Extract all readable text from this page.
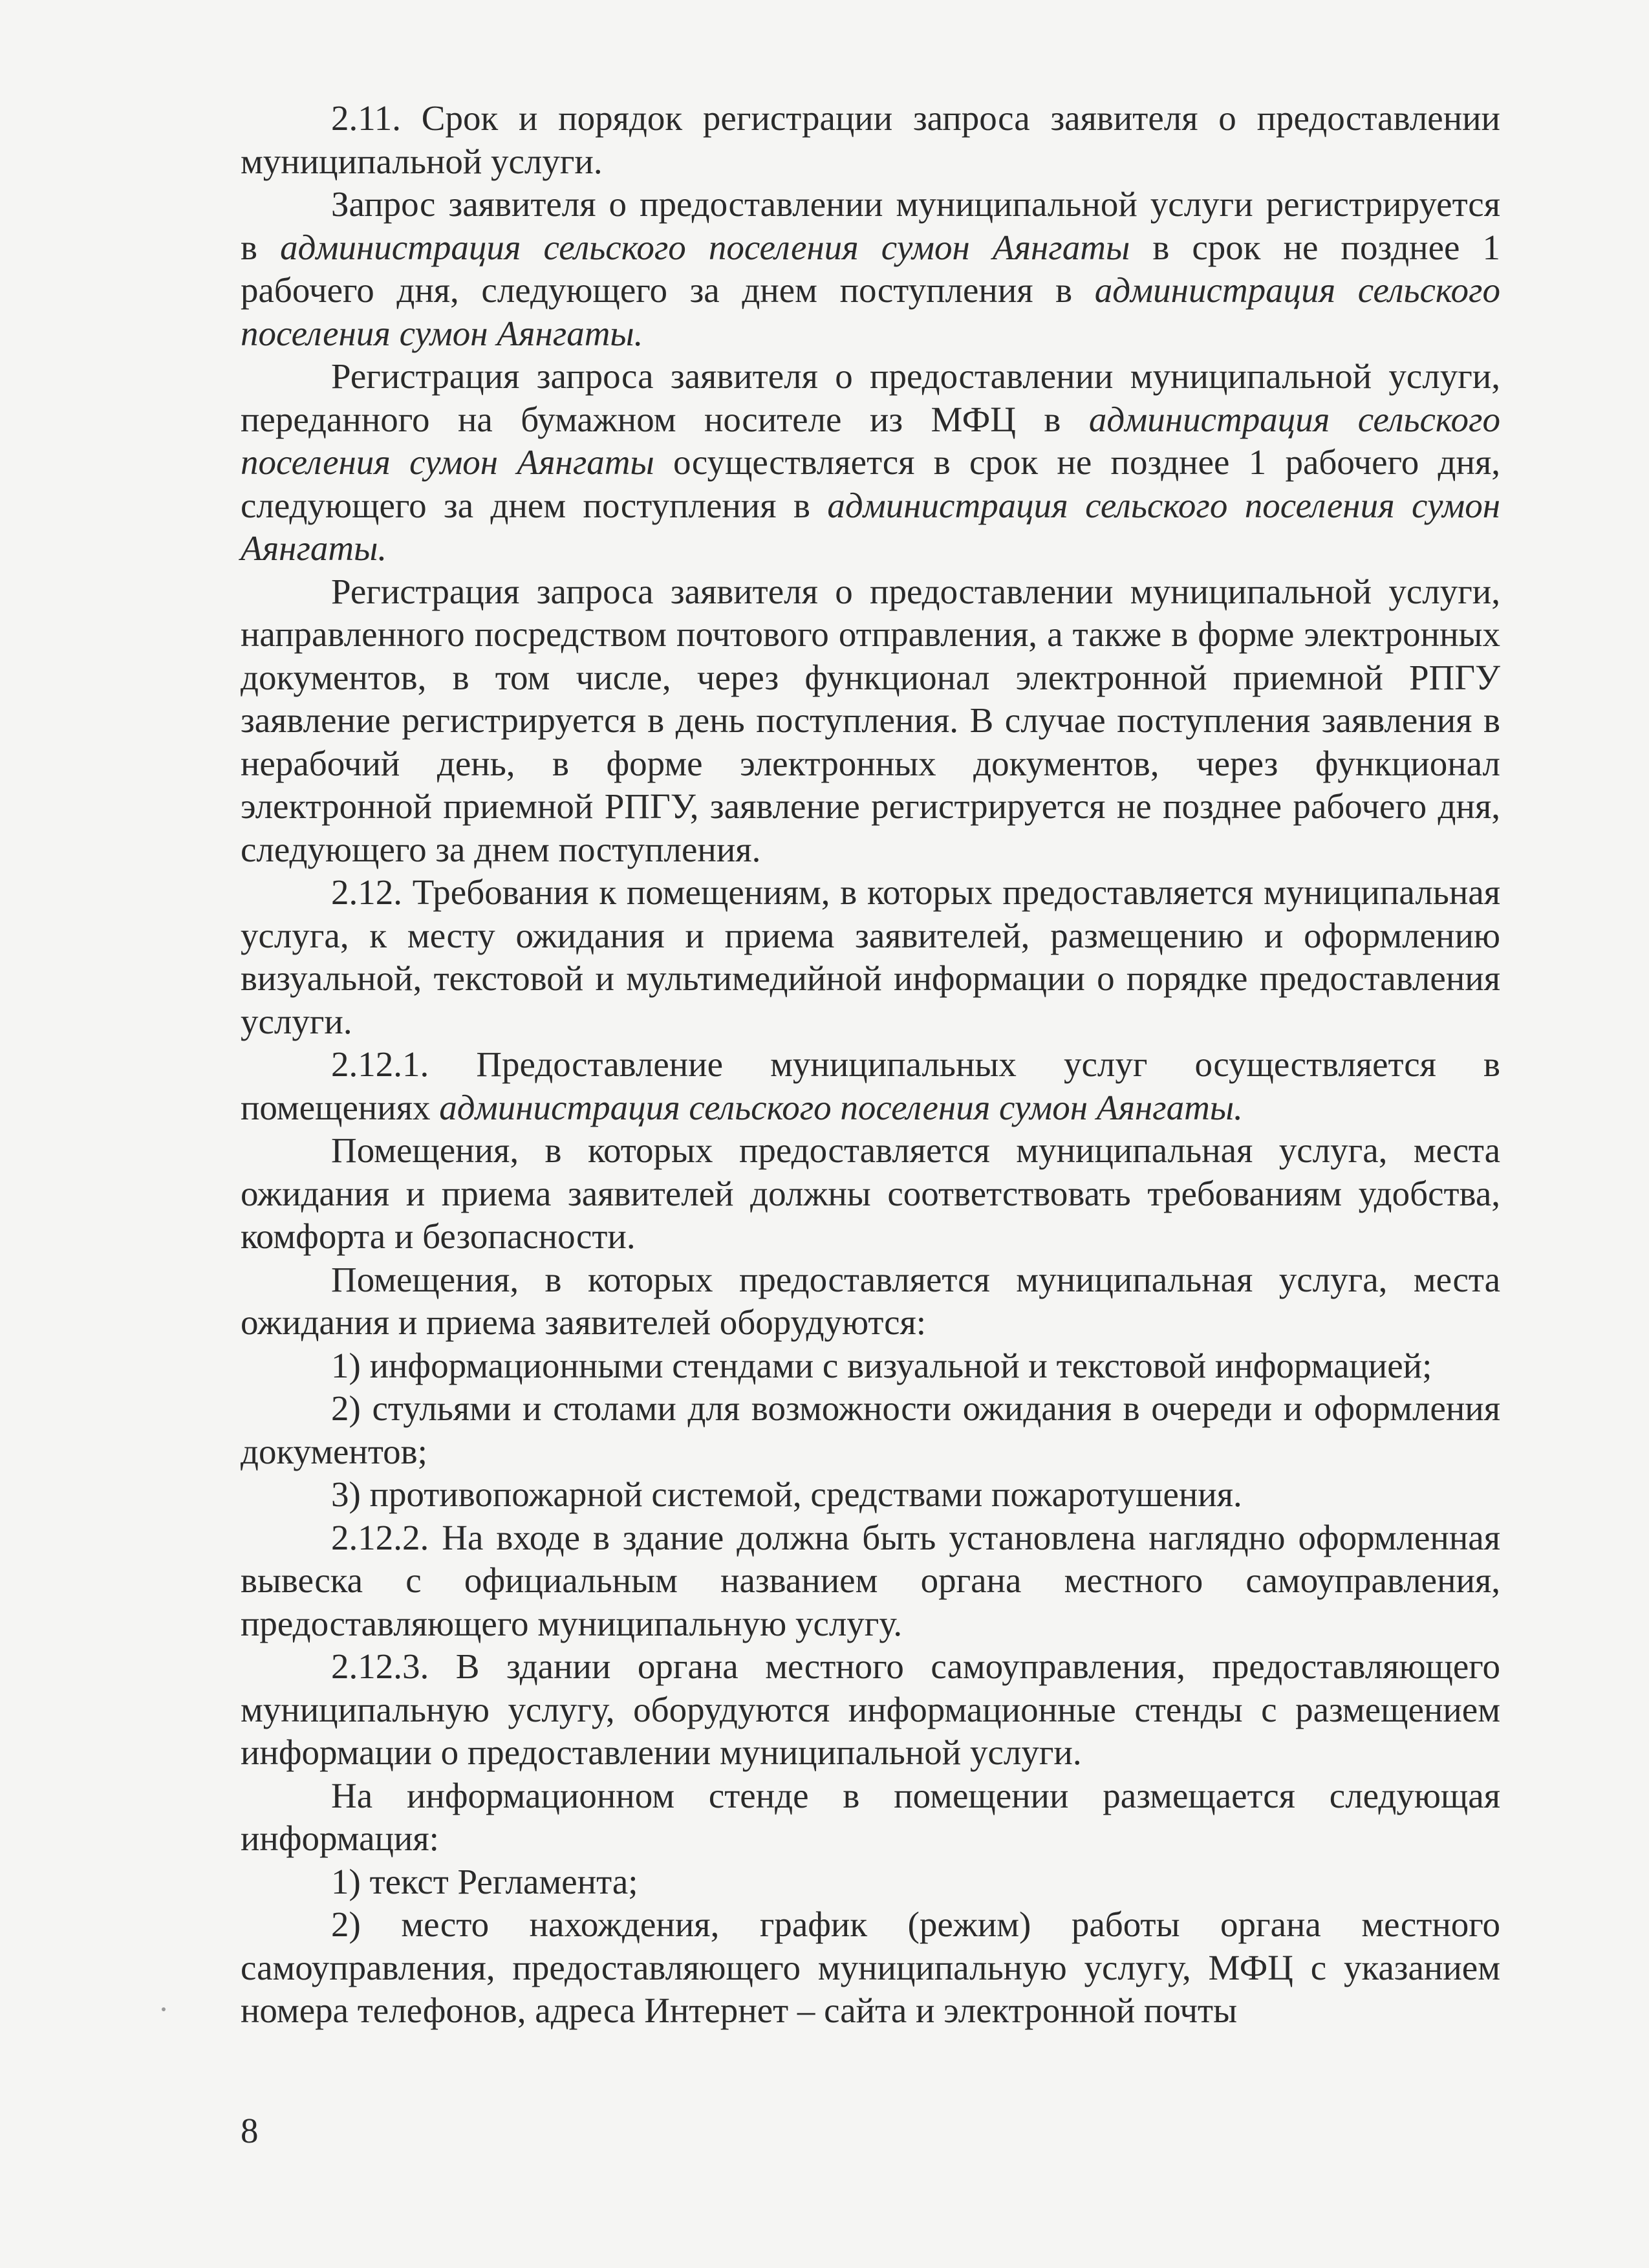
2.11. Срок и порядок регистрации запроса заявителя о предоставлении муниципальной услуги.

Запрос заявителя о предоставлении муниципальной услуги регистрируется в администрация сельского поселения сумон Аянгаты в срок не позднее 1 рабочего дня, следующего за днем поступления в администрация сельского поселения сумон Аянгаты.

Регистрация запроса заявителя о предоставлении муниципальной услуги, переданного на бумажном носителе из МФЦ в администрация сельского поселения сумон Аянгаты осуществляется в срок не позднее 1 рабочего дня, следующего за днем поступления в администрация сельского поселения сумон Аянгаты.

Регистрация запроса заявителя о предоставлении муниципальной услуги, направленного посредством почтового отправления, а также в форме электронных документов, в том числе, через функционал электронной приемной РПГУ заявление регистрируется в день поступления. В случае поступления заявления в нерабочий день, в форме электронных документов, через функционал электронной приемной РПГУ, заявление регистрируется не позднее рабочего дня, следующего за днем поступления.

2.12. Требования к помещениям, в которых предоставляется муниципальная услуга, к месту ожидания и приема заявителей, размещению и оформлению визуальной, текстовой и мультимедийной информации о порядке предоставления услуги.

2.12.1. Предоставление муниципальных услуг осуществляется в помещениях администрация сельского поселения сумон Аянгаты.

Помещения, в которых предоставляется муниципальная услуга, места ожидания и приема заявителей должны соответствовать требованиям удобства, комфорта и безопасности.

Помещения, в которых предоставляется муниципальная услуга, места ожидания и приема заявителей оборудуются:

1) информационными стендами с визуальной и текстовой информацией;

2) стульями и столами для возможности ожидания в очереди и оформления документов;

3) противопожарной системой, средствами пожаротушения.

2.12.2. На входе в здание должна быть установлена наглядно оформленная вывеска с официальным названием органа местного самоуправления, предоставляющего муниципальную услугу.

2.12.3. В здании органа местного самоуправления, предоставляющего муниципальную услугу, оборудуются информационные стенды с размещением информации о предоставлении муниципальной услуги.

На информационном стенде в помещении размещается следующая информация:

1) текст Регламента;

2) место нахождения, график (режим) работы органа местного самоуправления, предоставляющего муниципальную услугу, МФЦ с указанием номера телефонов, адреса Интернет – сайта и электронной почты

8
